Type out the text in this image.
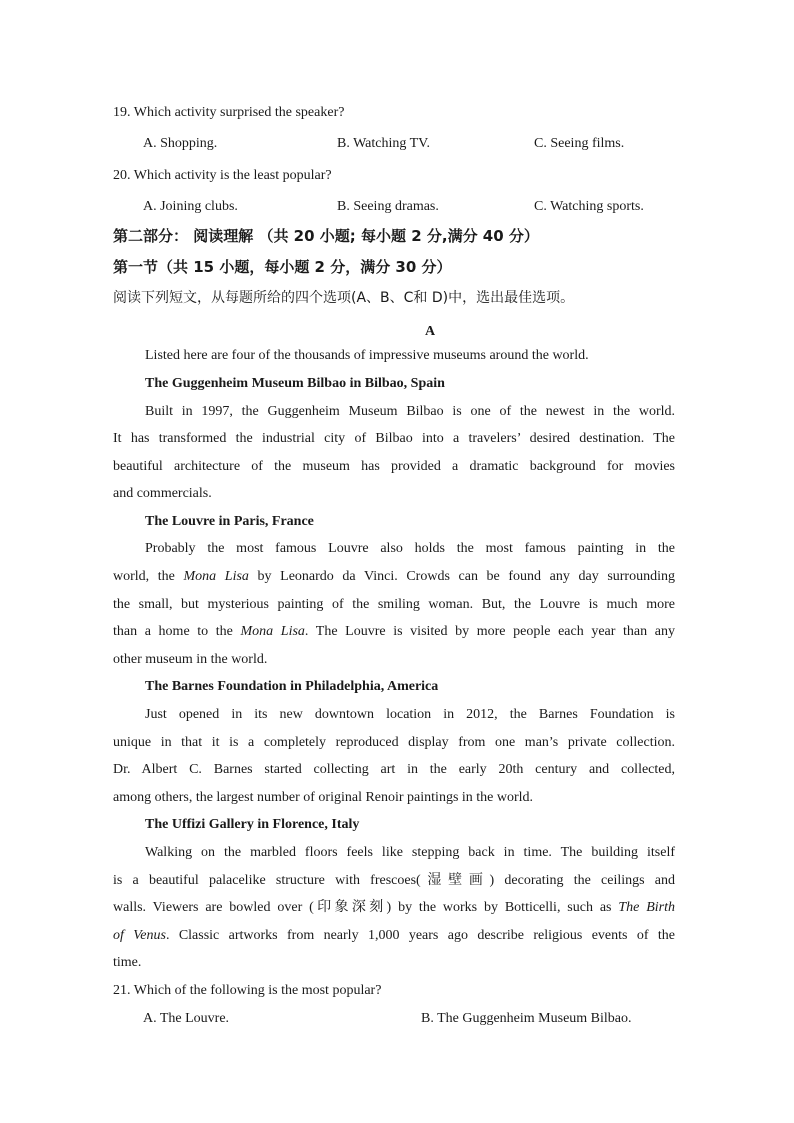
19. Which activity surprised the speaker?
A. Shopping.	B. Watching TV.	C. Seeing films.
20. Which activity is the least popular?
A. Joining clubs.	B. Seeing dramas.	C. Watching sports.
第二部分： 阅读理解 （共 20 小题; 每小题 2 分,满分 40 分）
第一节（共 15 小题，每小题 2 分，满分 30 分）
阅读下列短文，从每题所给的四个选项(A、B、C和 D)中，选出最佳选项。
A
Listed here are four of the thousands of impressive museums around the world.
The Guggenheim Museum Bilbao in Bilbao, Spain
Built in 1997, the Guggenheim Museum Bilbao is one of the newest in the world.
It has transformed the industrial city of Bilbao into a travelers’ desired destination. The
beautiful architecture of the museum has provided a dramatic background for movies
and commercials.
The Louvre in Paris, France
Probably the most famous Louvre also holds the most famous painting in the
world, the Mona Lisa by Leonardo da Vinci. Crowds can be found any day surrounding
the small, but mysterious painting of the smiling woman. But, the Louvre is much more
than a home to the Mona Lisa. The Louvre is visited by more people each year than any
other museum in the world.
The Barnes Foundation in Philadelphia, America
Just opened in its new downtown location in 2012, the Barnes Foundation is
unique in that it is a completely reproduced display from one man’s private collection.
Dr. Albert C. Barnes started collecting art in the early 20th century and collected,
among others, the largest number of original Renoir paintings in the world.
The Uffizi Gallery in Florence, Italy
Walking on the marbled floors feels like stepping back in time. The building itself
is a beautiful palacelike structure with frescoes(湿壁画) decorating the ceilings and
walls. Viewers are bowled over (印象深刻) by the works by Botticelli, such as The Birth
of Venus. Classic artworks from nearly 1,000 years ago describe religious events of the
time.
21. Which of the following is the most popular?
A. The Louvre.	B. The Guggenheim Museum Bilbao.
